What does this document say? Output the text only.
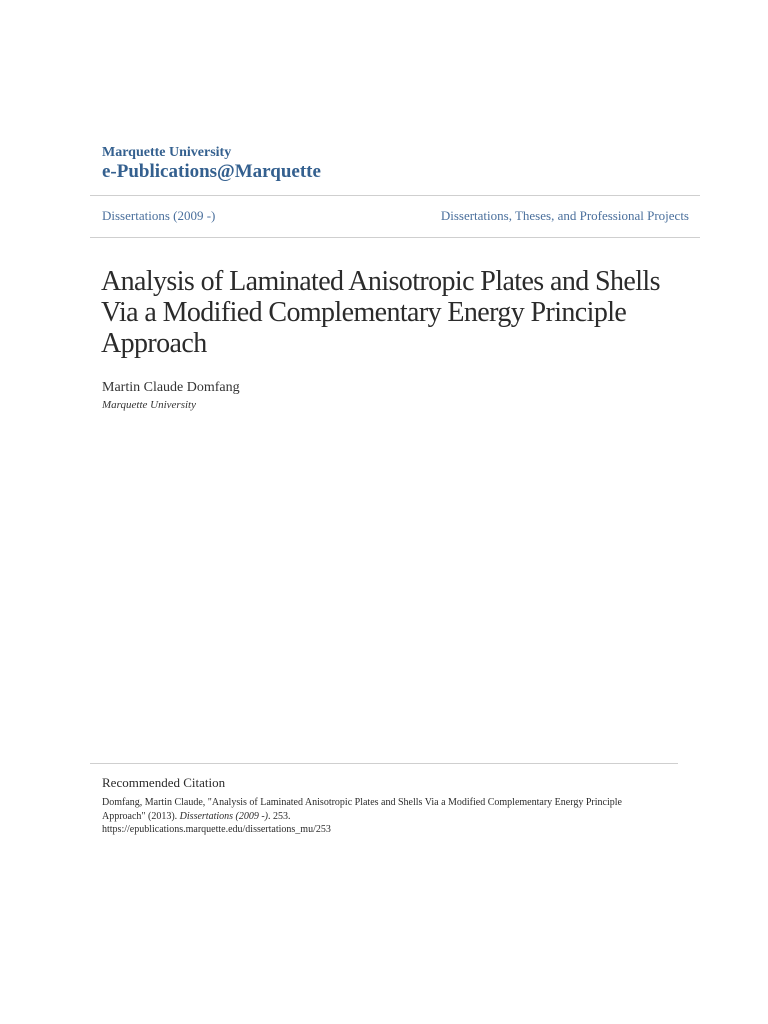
Marquette University
e-Publications@Marquette
Dissertations (2009 -)	Dissertations, Theses, and Professional Projects
Analysis of Laminated Anisotropic Plates and Shells Via a Modified Complementary Energy Principle Approach
Martin Claude Domfang
Marquette University
Recommended Citation
Domfang, Martin Claude, "Analysis of Laminated Anisotropic Plates and Shells Via a Modified Complementary Energy Principle Approach" (2013). Dissertations (2009 -). 253.
https://epublications.marquette.edu/dissertations_mu/253
